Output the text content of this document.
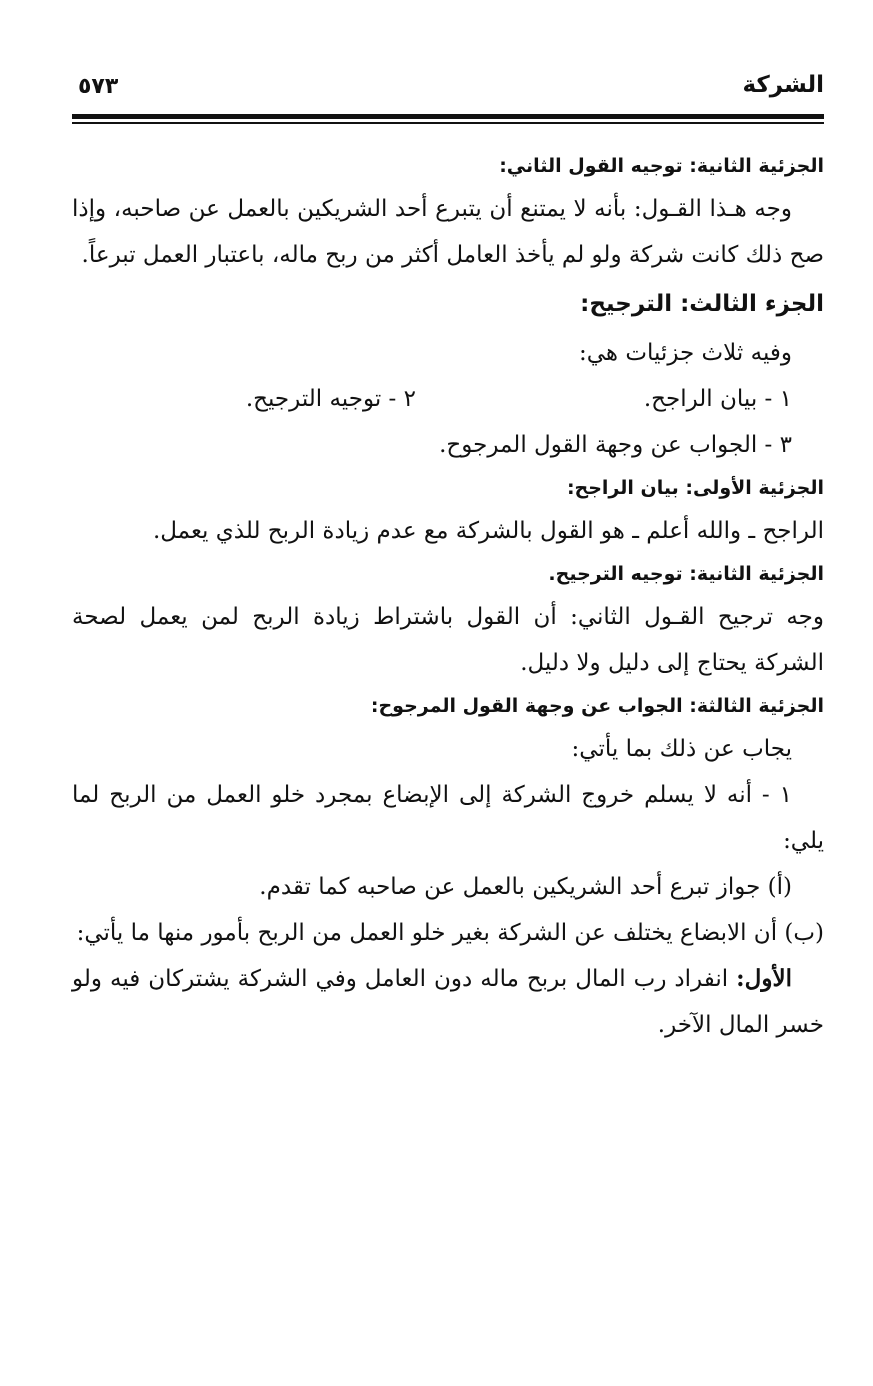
الشركة
٥٧٣

الجزئية الثانية: توجيه القول الثاني:

وجه هـذا القـول: بأنه لا يمتنع أن يتبرع أحد الشريكين بالعمل عن صاحبه، وإذا صح ذلك كانت شركة ولو لم يأخذ العامل أكثر من ربح ماله، باعتبار العمل تبرعاً.

الجزء الثالث: الترجيح:

وفيه ثلاث جزئيات هي:

١ - بيان الراجح.
٢ - توجيه الترجيح.

٣ - الجواب عن وجهة القول المرجوح.

الجزئية الأولى: بيان الراجح:

الراجح ـ والله أعلم ـ هو القول بالشركة مع عدم زيادة الربح للذي يعمل.

الجزئية الثانية: توجيه الترجيح.

وجه ترجيح القـول الثاني: أن القول باشتراط زيادة الربح لمن يعمل لصحة الشركة يحتاج إلى دليل ولا دليل.

الجزئية الثالثة: الجواب عن وجهة القول المرجوح:

يجاب عن ذلك بما يأتي:

١ - أنه لا يسلم خروج الشركة إلى الإبضاع بمجرد خلو العمل من الربح لما يلي:

(أ) جواز تبرع أحد الشريكين بالعمل عن صاحبه كما تقدم.

(ب) أن الابضاع يختلف عن الشركة بغير خلو العمل من الربح بأمور منها ما يأتي:

الأول: انفراد رب المال بربح ماله دون العامل وفي الشركة يشتركان فيه ولو خسر المال الآخر.
